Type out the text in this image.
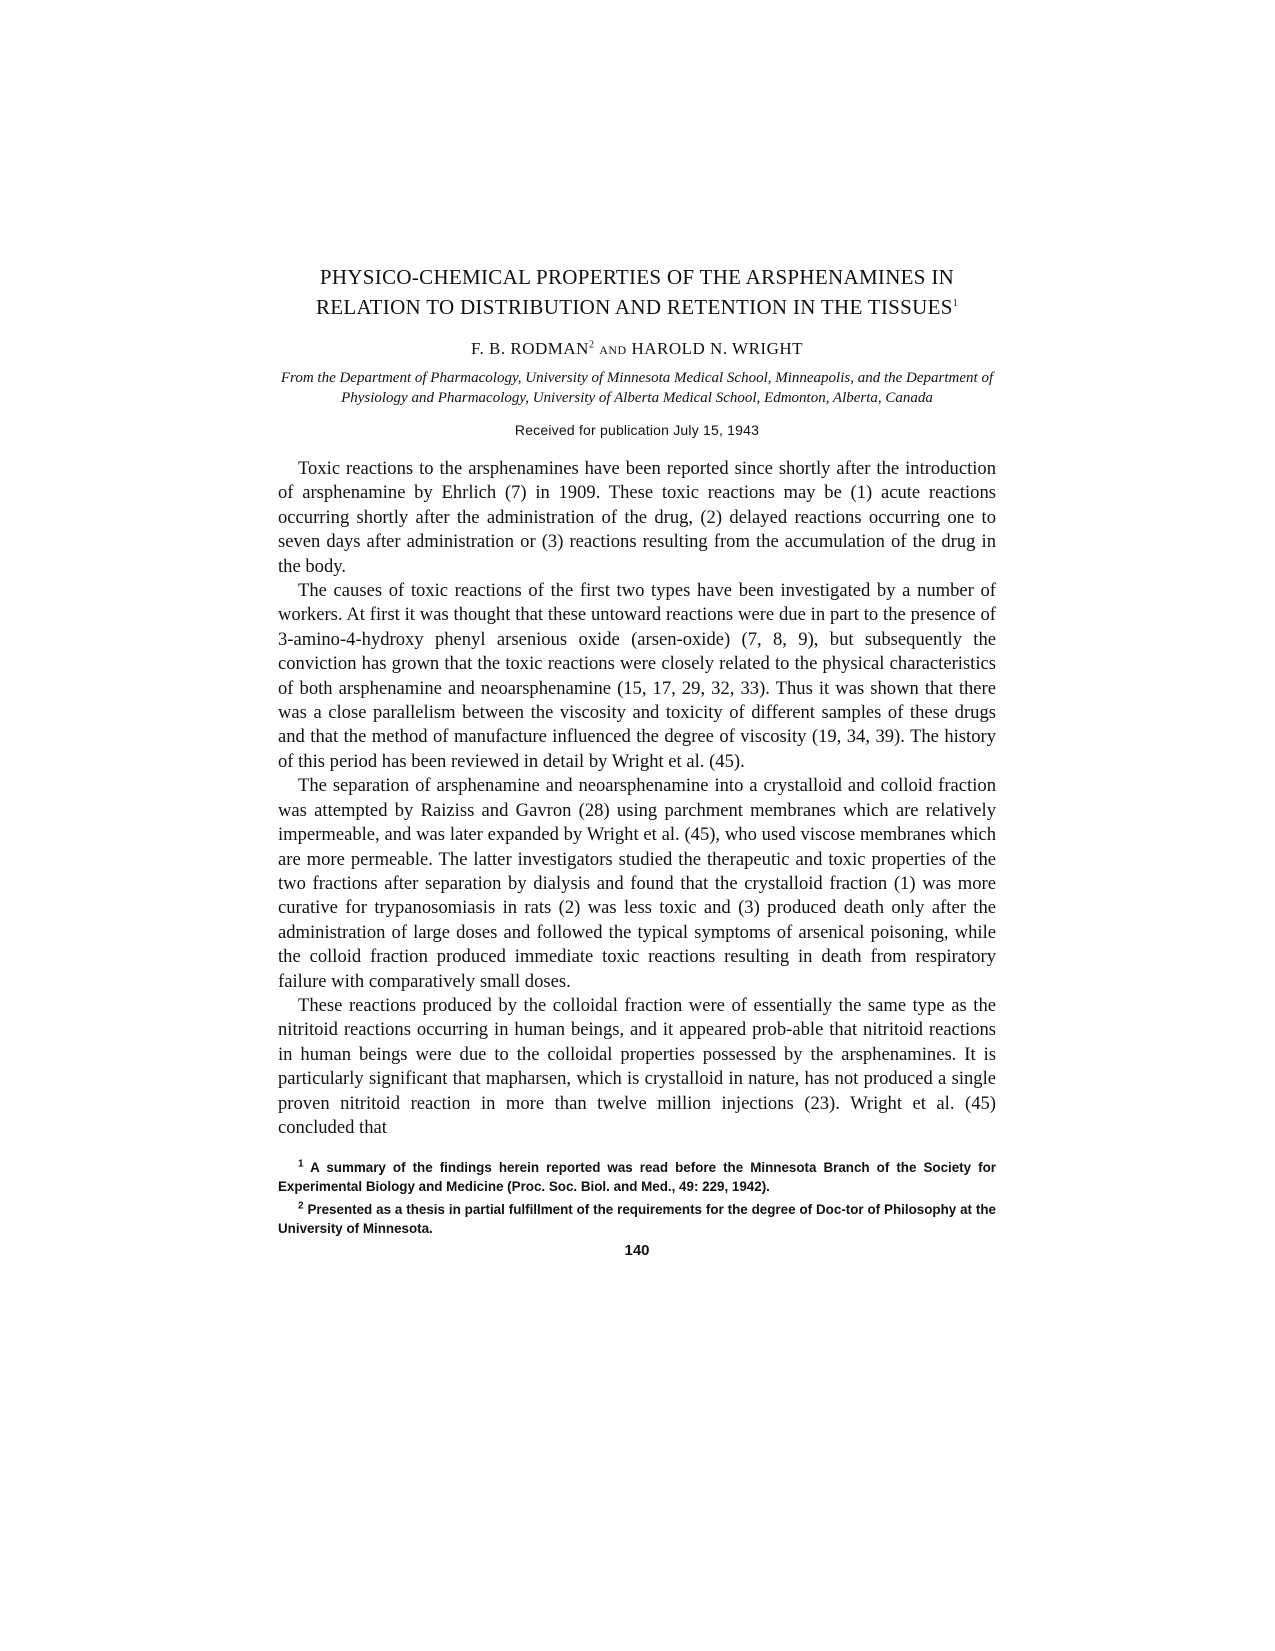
PHYSICO-CHEMICAL PROPERTIES OF THE ARSPHENAMINES IN RELATION TO DISTRIBUTION AND RETENTION IN THE TISSUES$^1$
F. B. RODMAN$^2$ AND HAROLD N. WRIGHT
From the Department of Pharmacology, University of Minnesota Medical School, Minneapolis, and the Department of Physiology and Pharmacology, University of Alberta Medical School, Edmonton, Alberta, Canada
Received for publication July 15, 1943

Toxic reactions to the arsphenamines have been reported since shortly after the introduction of arsphenamine by Ehrlich (7) in 1909. These toxic reactions may be (1) acute reactions occurring shortly after the administration of the drug, (2) delayed reactions occurring one to seven days after administration or (3) reactions resulting from the accumulation of the drug in the body.

The causes of toxic reactions of the first two types have been investigated by a number of workers. At first it was thought that these untoward reactions were due in part to the presence of 3-amino-4-hydroxy phenyl arsenious oxide (arsen-oxide) (7, 8, 9), but subsequently the conviction has grown that the toxic reactions were closely related to the physical characteristics of both arsphenamine and neoarsphenamine (15, 17, 29, 32, 33). Thus it was shown that there was a close parallelism between the viscosity and toxicity of different samples of these drugs and that the method of manufacture influenced the degree of viscosity (19, 34, 39). The history of this period has been reviewed in detail by Wright et al. (45).

The separation of arsphenamine and neoarsphenamine into a crystalloid and colloid fraction was attempted by Raiziss and Gavron (28) using parchment membranes which are relatively impermeable, and was later expanded by Wright et al. (45), who used viscose membranes which are more permeable. The latter investigators studied the therapeutic and toxic properties of the two fractions after separation by dialysis and found that the crystalloid fraction (1) was more curative for trypanosomiasis in rats (2) was less toxic and (3) produced death only after the administration of large doses and followed the typical symptoms of arsenical poisoning, while the colloid fraction produced immediate toxic reactions resulting in death from respiratory failure with comparatively small doses.

These reactions produced by the colloidal fraction were of essentially the same type as the nitritoid reactions occurring in human beings, and it appeared prob-able that nitritoid reactions in human beings were due to the colloidal properties possessed by the arsphenamines. It is particularly significant that mapharsen, which is crystalloid in nature, has not produced a single proven nitritoid reaction in more than twelve million injections (23). Wright et al. (45) concluded that

$^1$ A summary of the findings herein reported was read before the Minnesota Branch of the Society for Experimental Biology and Medicine (Proc. Soc. Biol. and Med., 49: 229, 1942).

$^2$ Presented as a thesis in partial fulfillment of the requirements for the degree of Doc-tor of Philosophy at the University of Minnesota.

140
